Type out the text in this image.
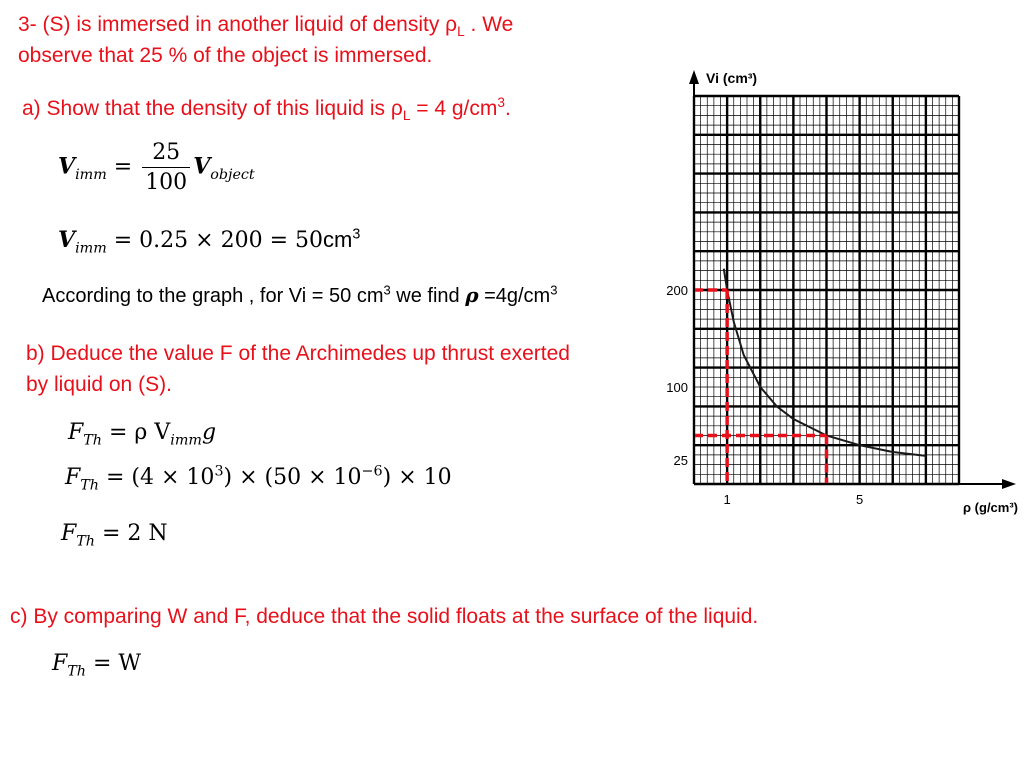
3- (S) is immersed in another liquid of density $\rho_L$ . We
observe that 25 % of the object is immersed.
a) Show that the density of this liquid is $\rho_L = 4$ $g/cm^3$.
$V_{imm} = \frac{25}{100} V_{object}$
$V_{imm} = 0.25 \times 200 = 50cm^3$
According to the graph , for Vi = 50 $cm^3$ we find $\rho =4g/cm^3$
b) Deduce the value F of the Archimedes up thrust exerted
by liquid on (S).
$F_{Th} = \rho$ $V_{imm}g$
$F_{Th} = (4 \times 10^3) \times (50 \times 10^{-6}) \times 10$
$F_{Th} = 2$ N
c) By comparing W and F, deduce that the solid floats at the surface of the liquid.
$F_{Th} = W$
25
100
200
1	5
Vi (cm³)
ρ (g/cm³)
